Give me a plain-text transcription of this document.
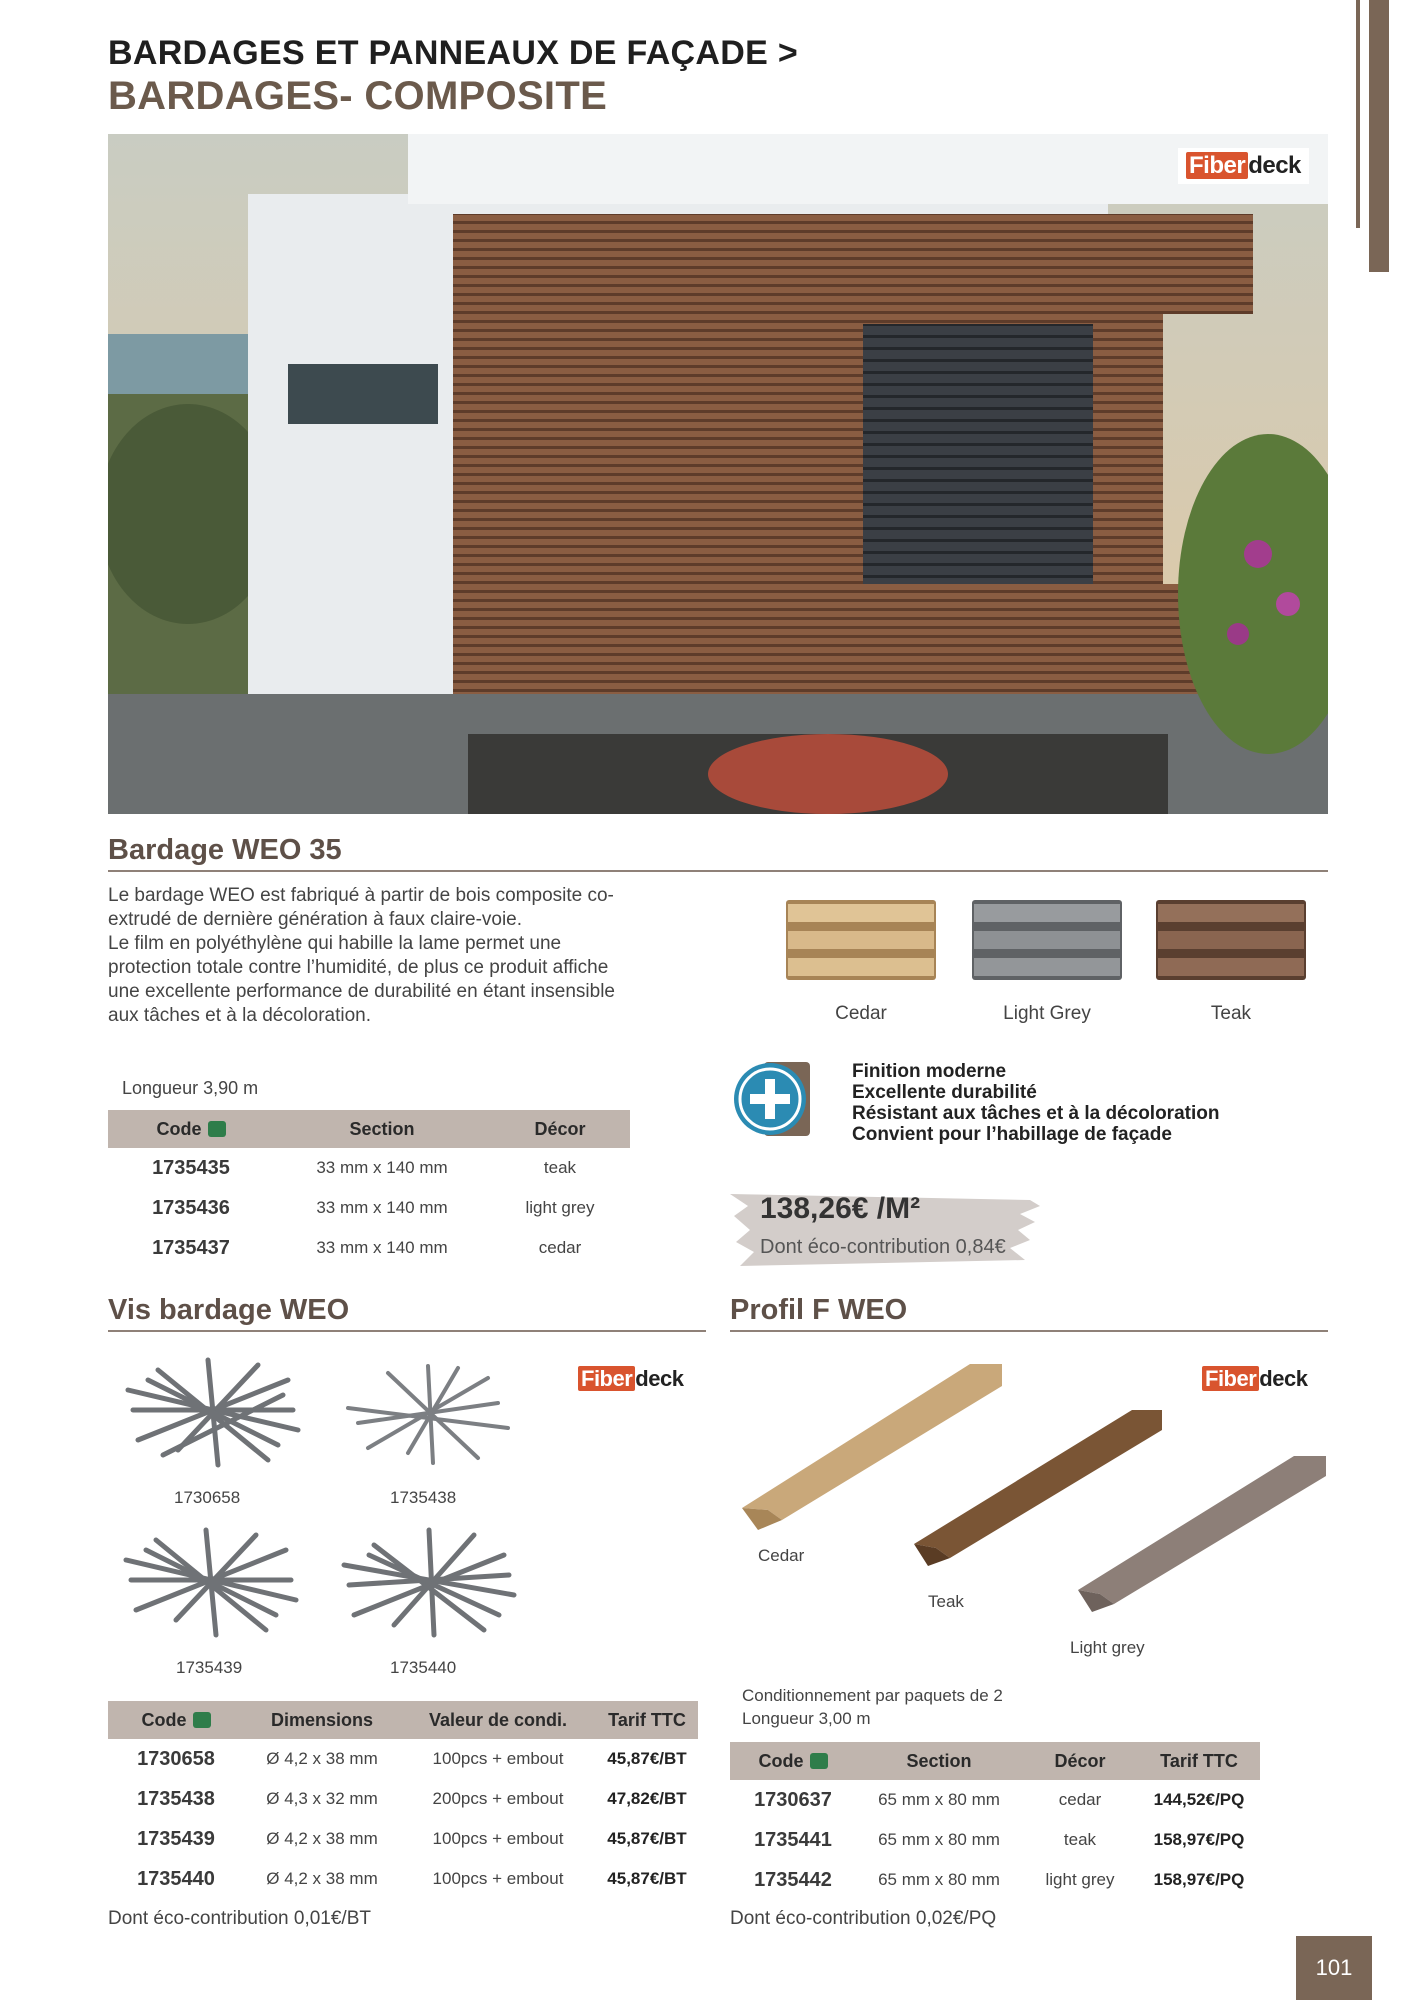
BARDAGES ET PANNEAUX DE FAÇADE >
BARDAGES- COMPOSITE
Fiber deck
Bardage WEO 35
Le bardage WEO est fabriqué à partir de bois composite co-
extrudé de dernière génération à faux claire-voie.
Le film en polyéthylène qui habille la lame permet une
protection totale contre l’humidité, de plus ce produit affiche
une excellente performance de durabilité en étant insensible
aux tâches et à la décoloration.	Cedar	Light Grey	Teak
Longueur 3,90 m
Code	Section	Décor
1735435	33 mm x 140 mm	teak
1735436	33 mm x 140 mm	light grey
1735437	33 mm x 140 mm	cedar
Finition moderne
Excellente durabilité
Résistant aux tâches et à la décoloration
Convient pour l’habillage de façade
138,26€ /M²
Dont éco-contribution 0,84€
Vis bardage WEO
Fiber deck
1730658	1735438
1735439	1735440
Code	Dimensions	Valeur de condi.	Tarif TTC
1730658	Ø 4,2 x 38 mm	100pcs + embout	45,87€/BT
1735438	Ø 4,3 x 32 mm	200pcs + embout	47,82€/BT
1735439	Ø 4,2 x 38 mm	100pcs + embout	45,87€/BT
1735440	Ø 4,2 x 38 mm	100pcs + embout	45,87€/BT
Dont éco-contribution 0,01€/BT
Profil F WEO
Fiber deck
Cedar
Teak
Light grey
Conditionnement par paquets de 2
Longueur 3,00 m
Code	Section	Décor	Tarif TTC
1730637	65 mm x 80 mm	cedar	144,52€/PQ
1735441	65 mm x 80 mm	teak	158,97€/PQ
1735442	65 mm x 80 mm	light grey	158,97€/PQ
Dont éco-contribution 0,02€/PQ
101
